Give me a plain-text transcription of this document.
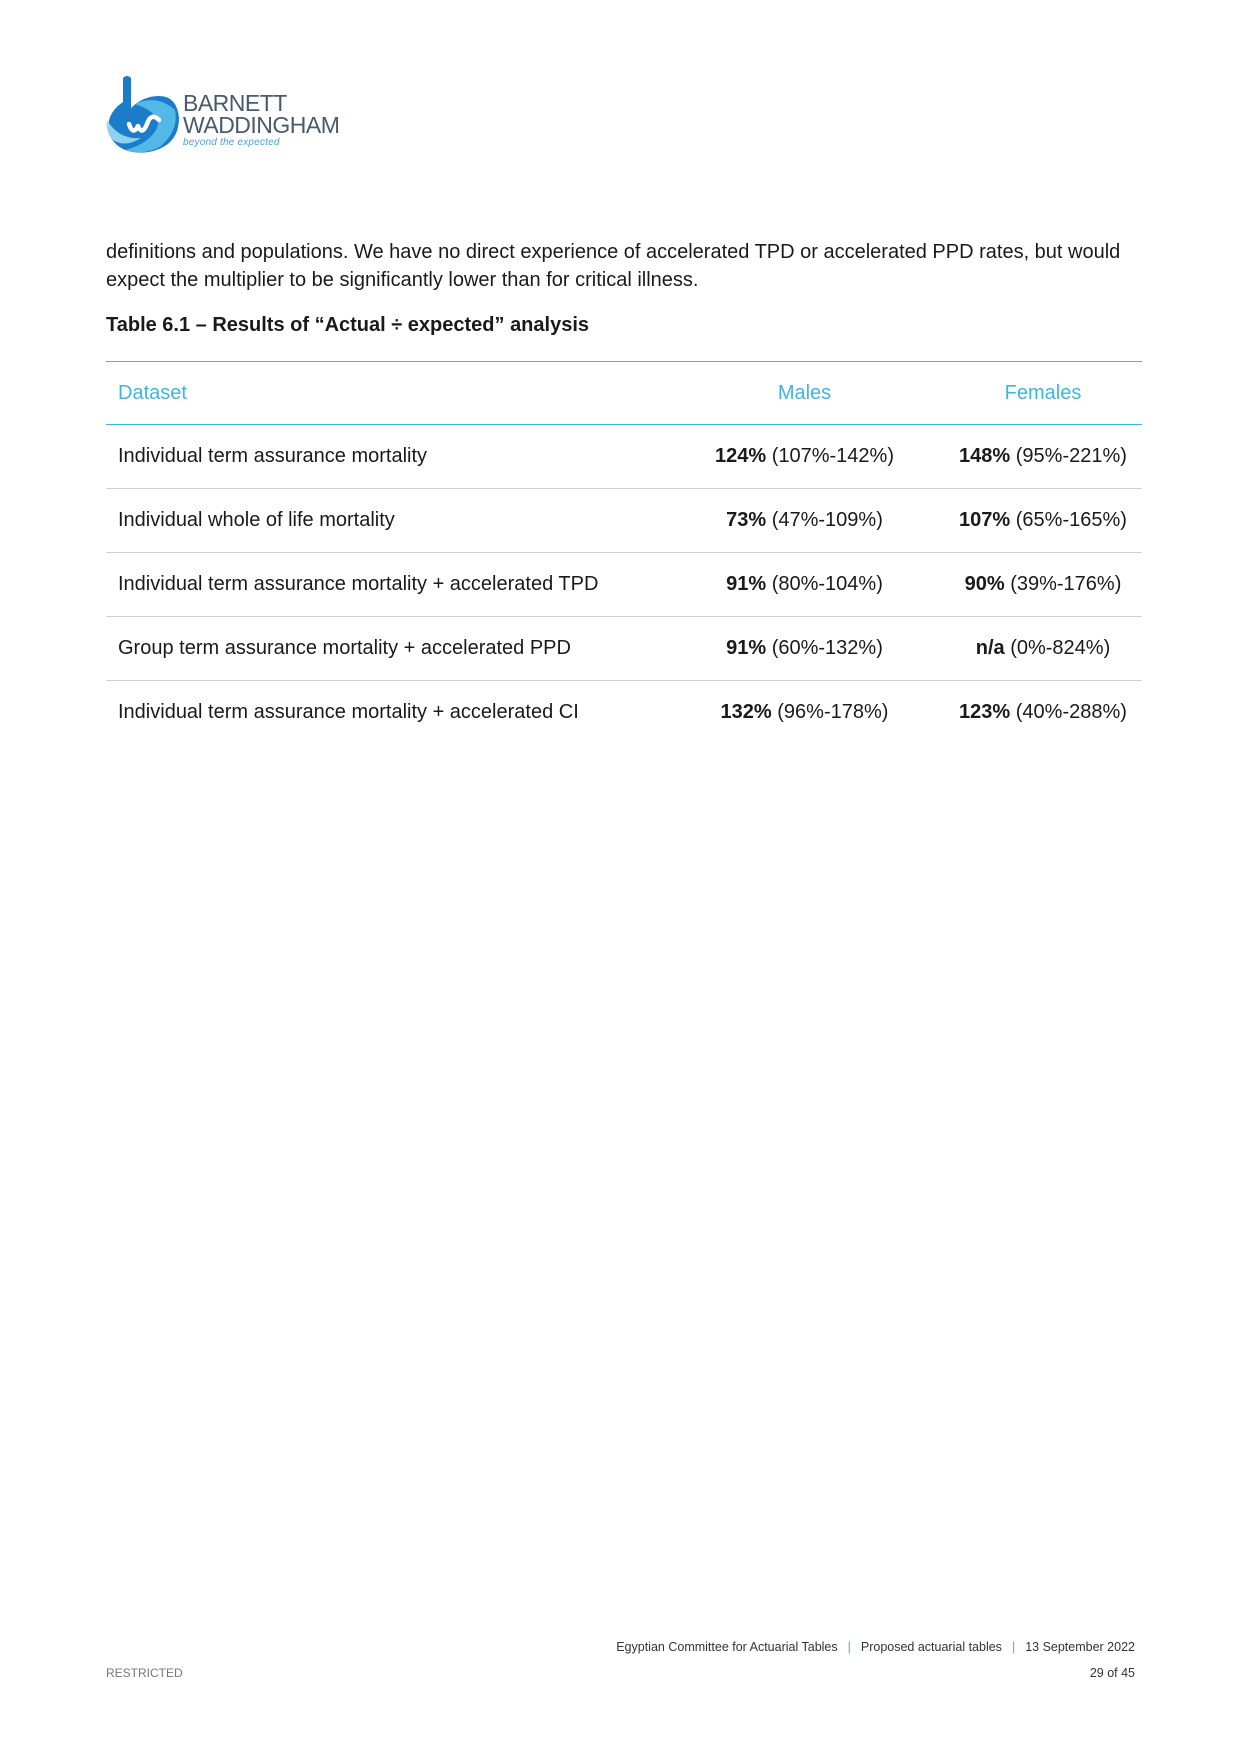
BARNETT
WADDINGHAM
beyond the expected

definitions and populations. We have no direct experience of accelerated TPD or accelerated PPD rates, but would expect the multiplier to be significantly lower than for critical illness.

Table 6.1 – Results of “Actual ÷ expected” analysis
Dataset	Males	Females
Individual term assurance mortality	124% (107%-142%)	148% (95%-221%)
Individual whole of life mortality	73% (47%-109%)	107% (65%-165%)
Individual term assurance mortality + accelerated TPD	91% (80%-104%)	90% (39%-176%)
Group term assurance mortality + accelerated PPD	91% (60%-132%)	n/a (0%-824%)
Individual term assurance mortality + accelerated CI	132% (96%-178%)	123% (40%-288%)
Egyptian Committee for Actuarial Tables | Proposed actuarial tables | 13 September 2022
RESTRICTED	29 of 45
